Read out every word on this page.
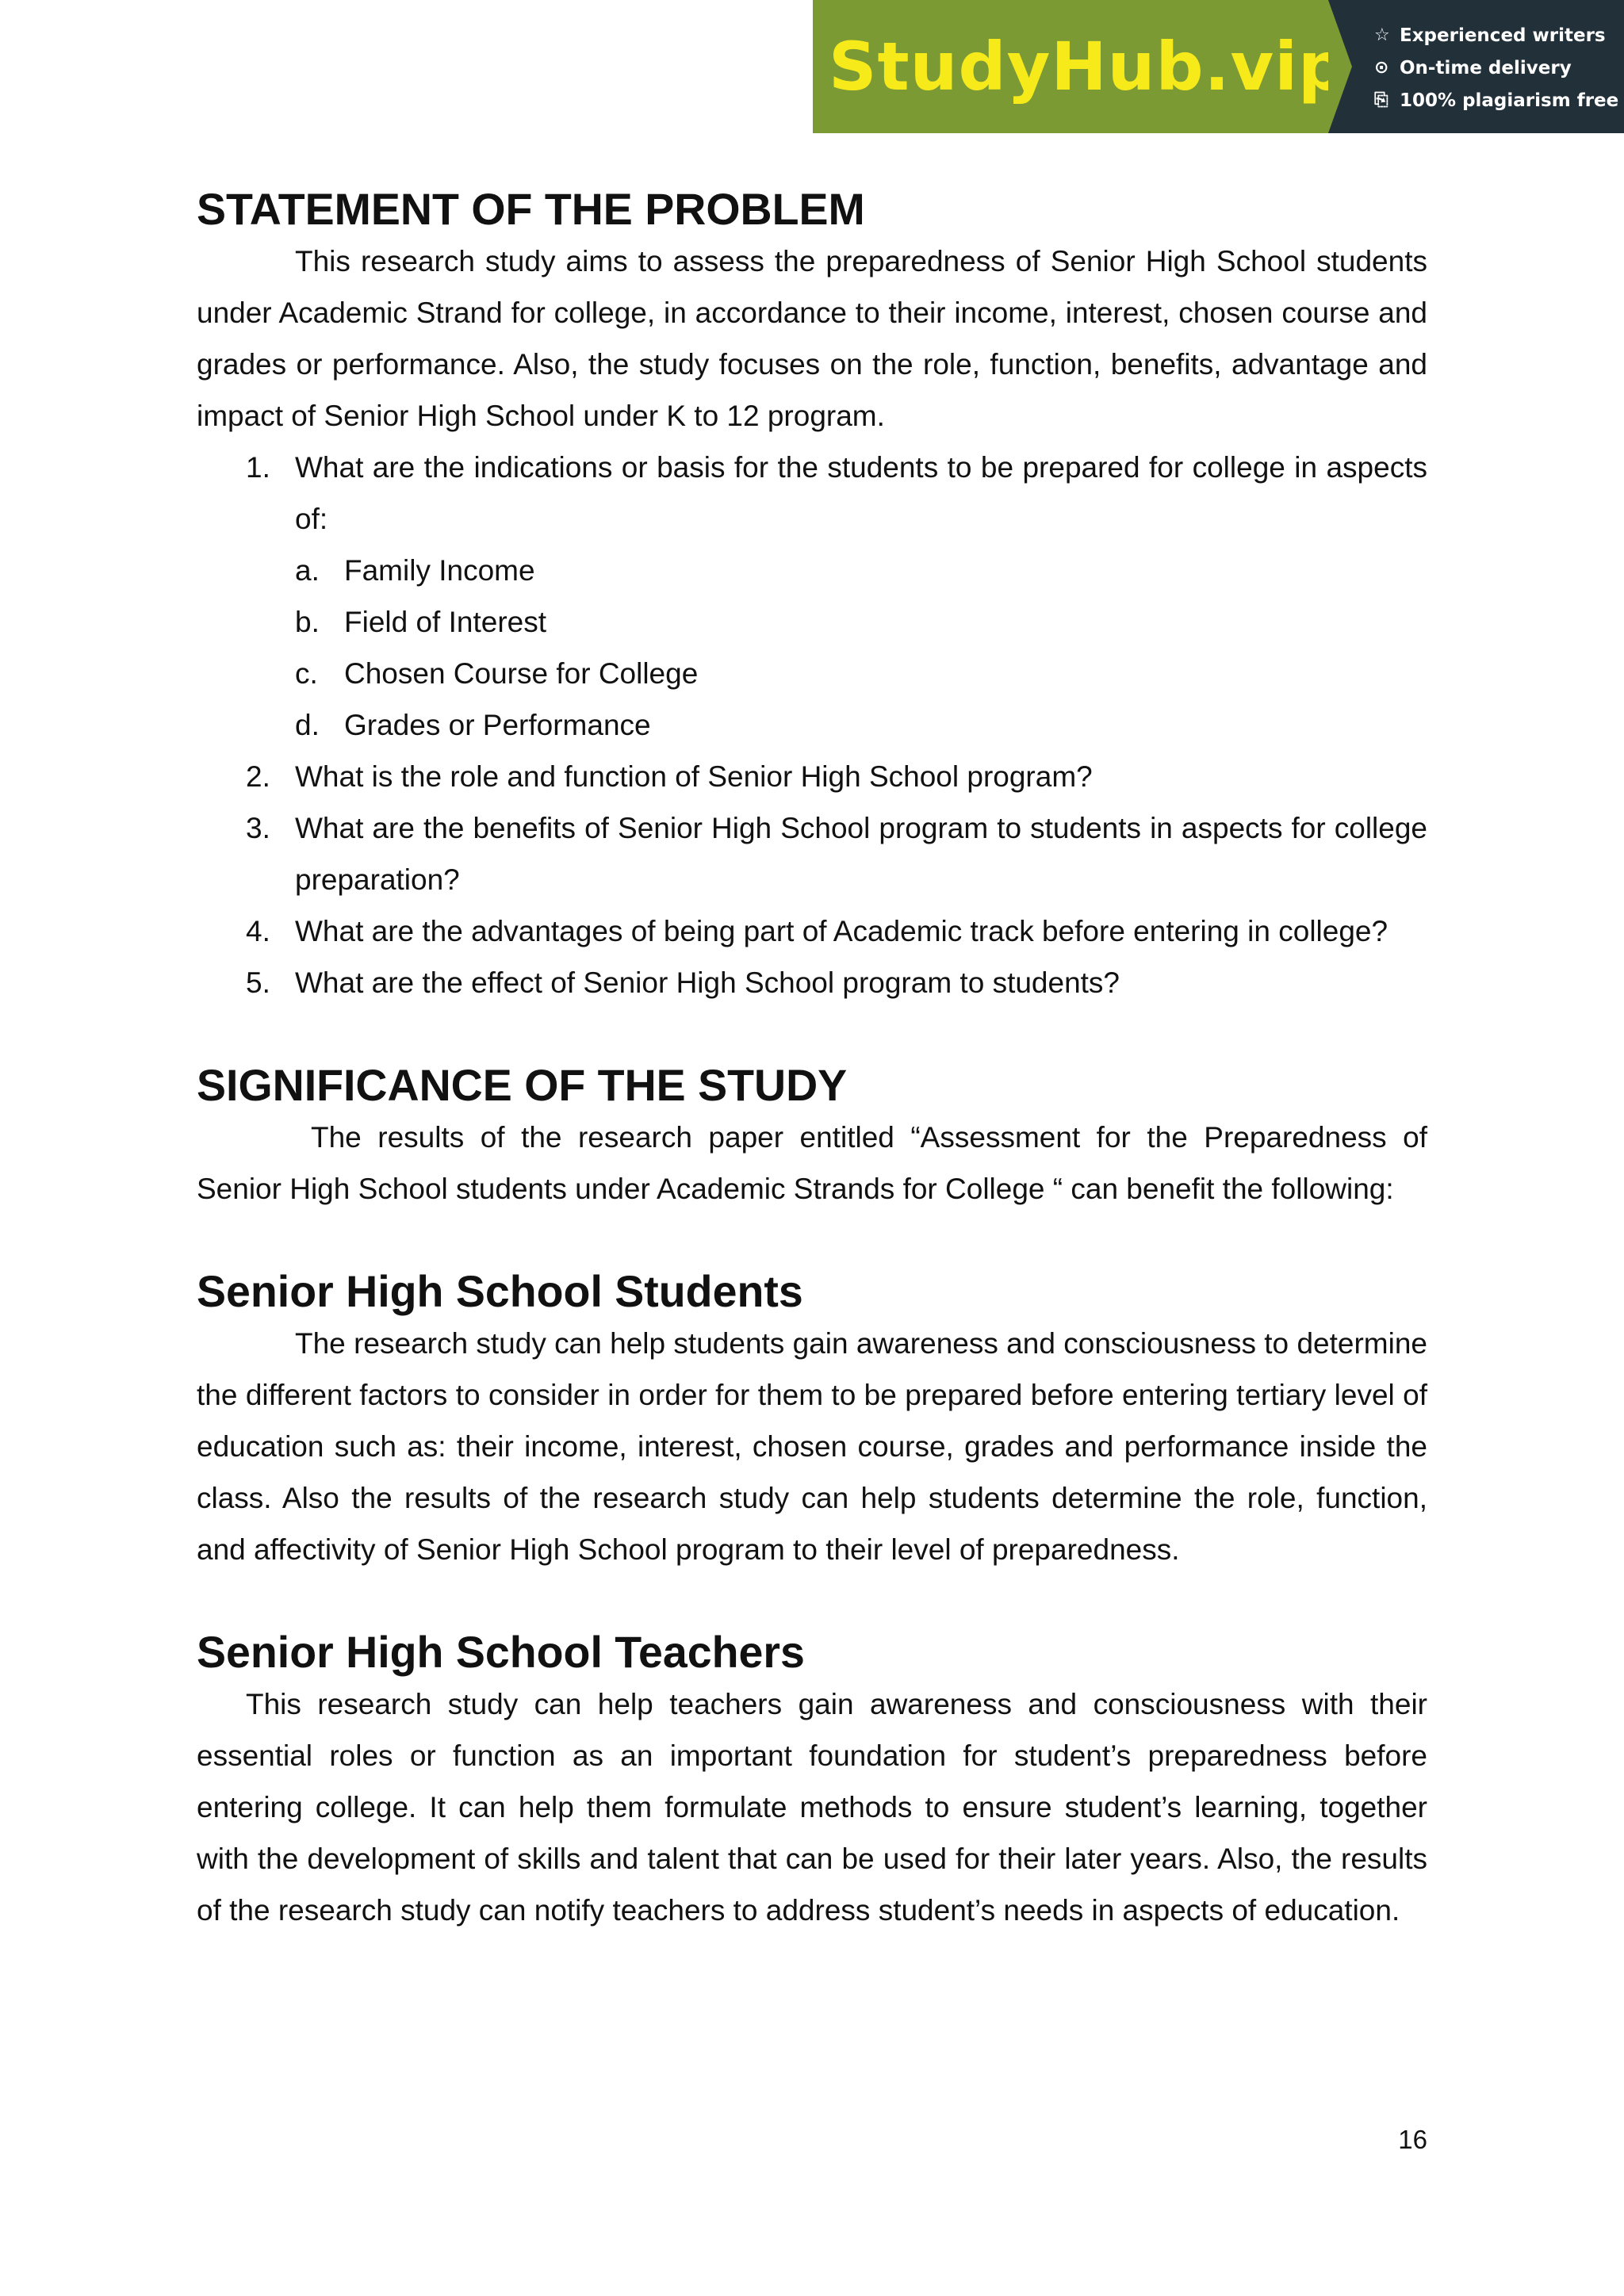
StudyHub.vip ☆ Experienced writers
⊙ On-time delivery
⎘ 100% plagiarism free
STATEMENT OF THE PROBLEM

This research study aims to assess the preparedness of Senior High School students under Academic Strand for college, in accordance to their income, interest, chosen course and grades or performance. Also, the study focuses on the role, function, benefits, advantage and impact of Senior High School under K to 12 program.

1. What are the indications or basis for the students to be prepared for college in aspects of:
a. Family Income
b. Field of Interest
c. Chosen Course for College
d. Grades or Performance
2. What is the role and function of Senior High School program?
3. What are the benefits of Senior High School program to students in aspects for college preparation?
4. What are the advantages of being part of Academic track before entering in college?
5. What are the effect of Senior High School program to students?
SIGNIFICANCE OF THE STUDY

The results of the research paper entitled “Assessment for the Preparedness of Senior High School students under Academic Strands for College “ can benefit the following:

Senior High School Students

The research study can help students gain awareness and consciousness to determine the different factors to consider in order for them to be prepared before entering tertiary level of education such as: their income, interest, chosen course, grades and performance inside the class. Also the results of the research study can help students determine the role, function, and affectivity of Senior High School program to their level of preparedness.

Senior High School Teachers

This research study can help teachers gain awareness and consciousness with their essential roles or function as an important foundation for student’s preparedness before entering college. It can help them formulate methods to ensure student’s learning, together with the development of skills and talent that can be used for their later years. Also, the results of the research study can notify teachers to address student’s needs in aspects of education.

16
